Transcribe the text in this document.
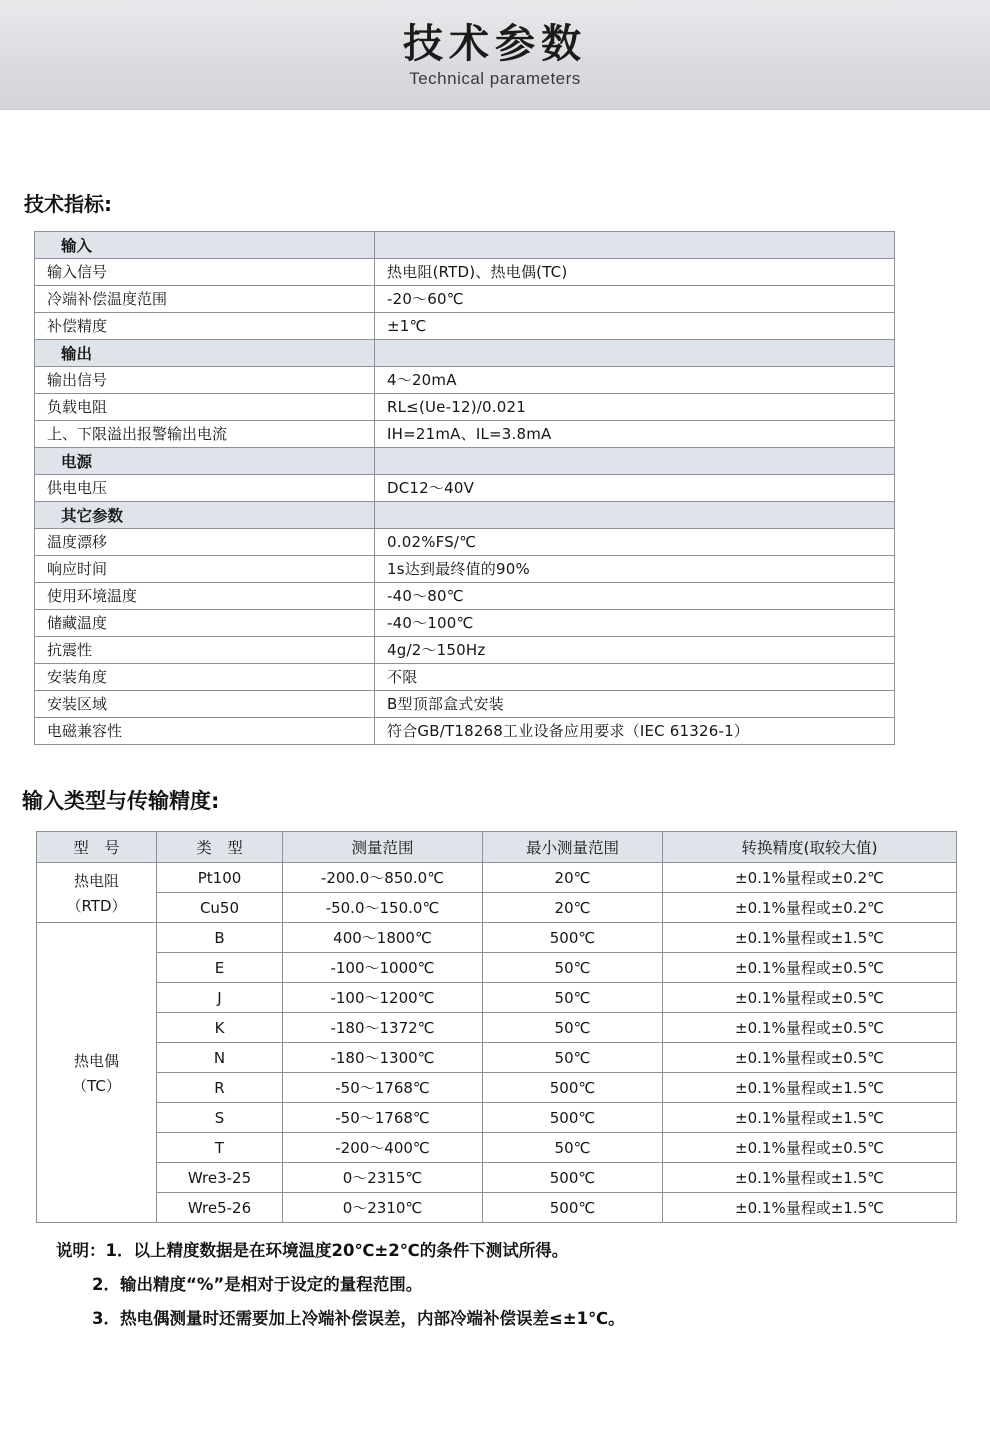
技术参数
Technical parameters
技术指标:
输入	
输入信号	热电阻(RTD)、热电偶(TC)
冷端补偿温度范围	-20～60℃
补偿精度	±1℃
输出	
输出信号	4～20mA
负载电阻	RL≤(Ue-12)/0.021
上、下限溢出报警输出电流	IH=21mA、IL=3.8mA
电源	
供电电压	DC12～40V
其它参数	
温度漂移	0.02%FS/℃
响应时间	1s达到最终值的90%
使用环境温度	-40～80℃
储藏温度	-40～100℃
抗震性	4g/2～150Hz
安装角度	不限
安装区域	B型顶部盒式安装
电磁兼容性	符合GB/T18268工业设备应用要求（IEC 61326-1）
输入类型与传输精度:
型　号	类　型	测量范围	最小测量范围	转换精度(取较大值)

热电阻
（RTD）	Pt100	-200.0～850.0℃	20℃	±0.1%量程或±0.2℃
	Cu50	-50.0～150.0℃	20℃	±0.1%量程或±0.2℃

热电偶
（TC）	B	400～1800℃	500℃	±0.1%量程或±1.5℃
	E	-100～1000℃	50℃	±0.1%量程或±0.5℃
	J	-100～1200℃	50℃	±0.1%量程或±0.5℃
	K	-180～1372℃	50℃	±0.1%量程或±0.5℃
	N	-180～1300℃	50℃	±0.1%量程或±0.5℃
	R	-50～1768℃	500℃	±0.1%量程或±1.5℃
	S	-50～1768℃	500℃	±0.1%量程或±1.5℃
	T	-200～400℃	50℃	±0.1%量程或±0.5℃
	Wre3-25	0～2315℃	500℃	±0.1%量程或±1.5℃
	Wre5-26	0～2310℃	500℃	±0.1%量程或±1.5℃
说明： 1． 以上精度数据是在环境温度20℃±2℃的条件下测试所得。
2． 输出精度“%”是相对于设定的量程范围。
3． 热电偶测量时还需要加上冷端补偿误差，内部冷端补偿误差≤±1℃。
